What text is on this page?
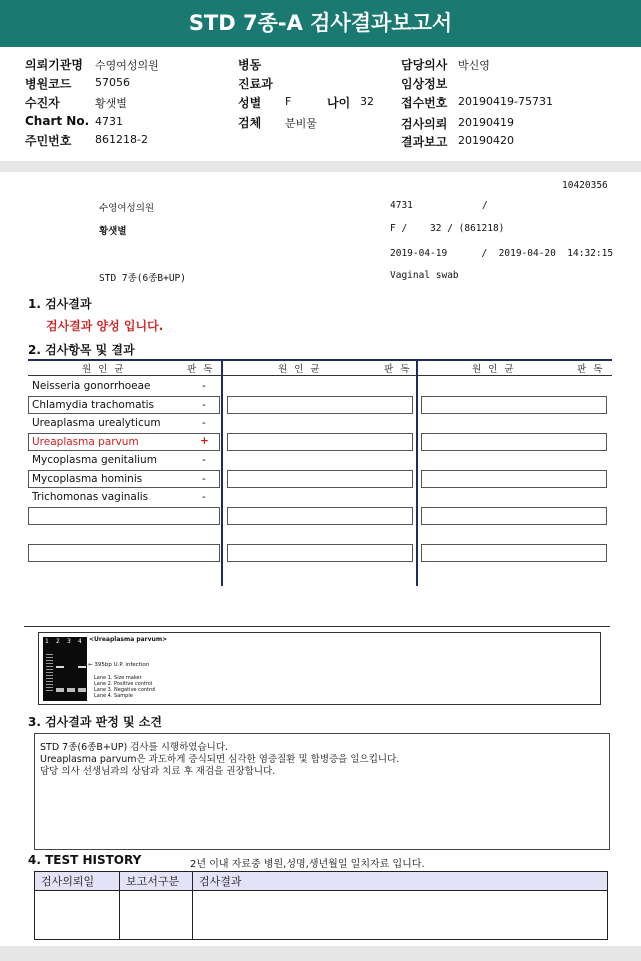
STD 7종-A 검사결과보고서
의뢰기관명 수영여성의원
병원코드 57056
수진자	황샛별
Chart No. 4731
주민번호 861218-2
병동
진료과
성별 F	나이 32
검체 분비물
담당의사 박신영
임상정보
접수번호 20190419-75731
검사의뢰 20190419
결과보고 20190420
10420356
수영여성의원	4731	/
황샛별	F /    32 / (861218)
2019-04-19      /  2019-04-20  14:32:15
STD 7종(6종B+UP)	Vaginal swab
1. 검사결과
검사결과 양성 입니다.
2. 검사항목 및 결과
원 인 균	판 독	원 인 균	판 독	원 인 균	판 독
Neisseria gonorrhoeae	-
Chlamydia trachomatis	-
Ureaplasma urealyticum	-
Ureaplasma parvum	+
Mycoplasma genitalium	-
Mycoplasma hominis	-
Trichomonas vaginalis	-
1 2 3 4 <Ureaplasma parvum>
← 395bp U.P. infection
Lane 1. Size maker
Lane 2. Positive control
Lane 3. Negative control
Lane 4. Sample
3. 검사결과 판정 및 소견
STD 7종(6종B+UP) 검사를 시행하였습니다.
Ureaplasma parvum은 과도하게 증식되면 심각한 염증질환 및 합병증을 일으킵니다.
담당 의사 선생님과의 상담과 치료 후 재검을 권장합니다.
4. TEST HISTORY	2년 이내 자료중 병원,성명,생년월일 일치자료 입니다.
검사의뢰일	보고서구분	검사결과
